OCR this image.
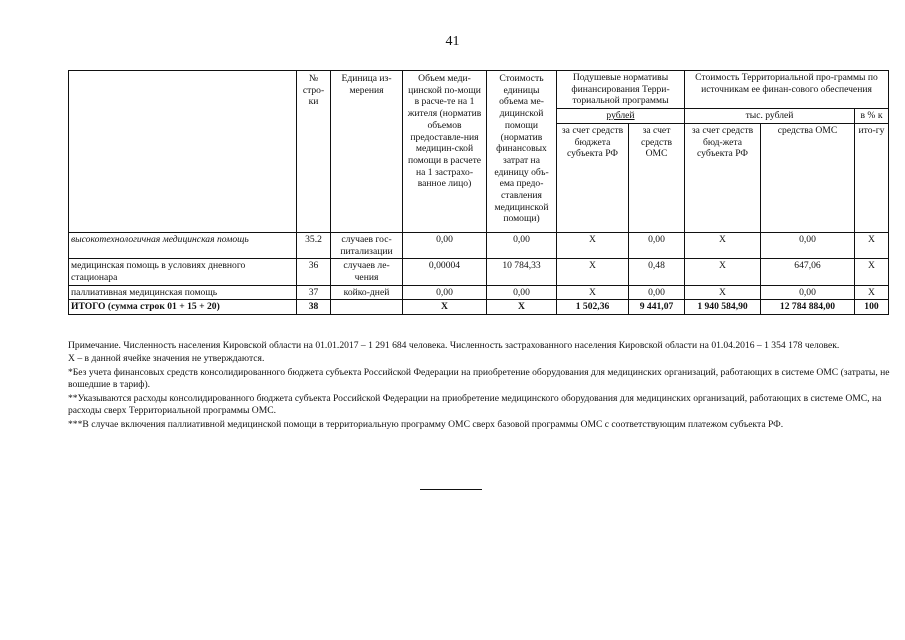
41
	№ стро-ки	Единица из-мерения	Объем меди-цинской по-мощи в расче-те на 1 жителя (норматив объемов предоставле-ния медицин-ской помощи в расчете на 1 застрахо-ванное лицо)	Стоимость единицы объема ме-дицинской помощи (норматив финансовых затрат на единицу объ-ема предо-ставления медицинской помощи)	Подушевые нормативы финансирования Терри-ториальной программы		Стоимость Территориальной про-граммы по источникам ее финан-сового обеспечения		
					рублей		тыс. рублей		в % к
					за счет средств бюджета субъекта РФ	за счет средств ОМС	за счет средств бюд-жета субъекта РФ	средства ОМС	ито-гу
высокотехнологичная медицинская помощь	35.2	случаев гос-питализации	0,00	0,00	X	0,00	X	0,00	X
медицинская помощь в условиях дневного стационара	36	случаев ле-чения	0,00004	10 784,33	X	0,48	X	647,06	X
паллиативная медицинская помощь	37	койко-дней	0,00	0,00	X	0,00	X	0,00	X
ИТОГО (сумма строк 01 + 15 + 20)	38		X	X	1 502,36	9 441,07	1 940 584,90	12 784 884,00	100

Примечание. Численность населения Кировской области на 01.01.2017 – 1 291 684 человека. Численность застрахованного населения Кировской области на 01.04.2016 – 1 354 178 человек.

Х – в данной ячейке значения не утверждаются.

*Без учета финансовых средств консолидированного бюджета субъекта Российской Федерации на приобретение оборудования для медицинских организаций, работающих в системе ОМС (затраты, не вошедшие в тариф).

**Указываются расходы консолидированного бюджета субъекта Российской Федерации на приобретение медицинского оборудования для медицинских организаций, работающих в системе ОМС, на расходы сверх Территориальной программы ОМС.

***В случае включения паллиативной медицинской помощи в территориальную программу ОМС сверх базовой программы ОМС с соответствующим платежом субъекта РФ.
